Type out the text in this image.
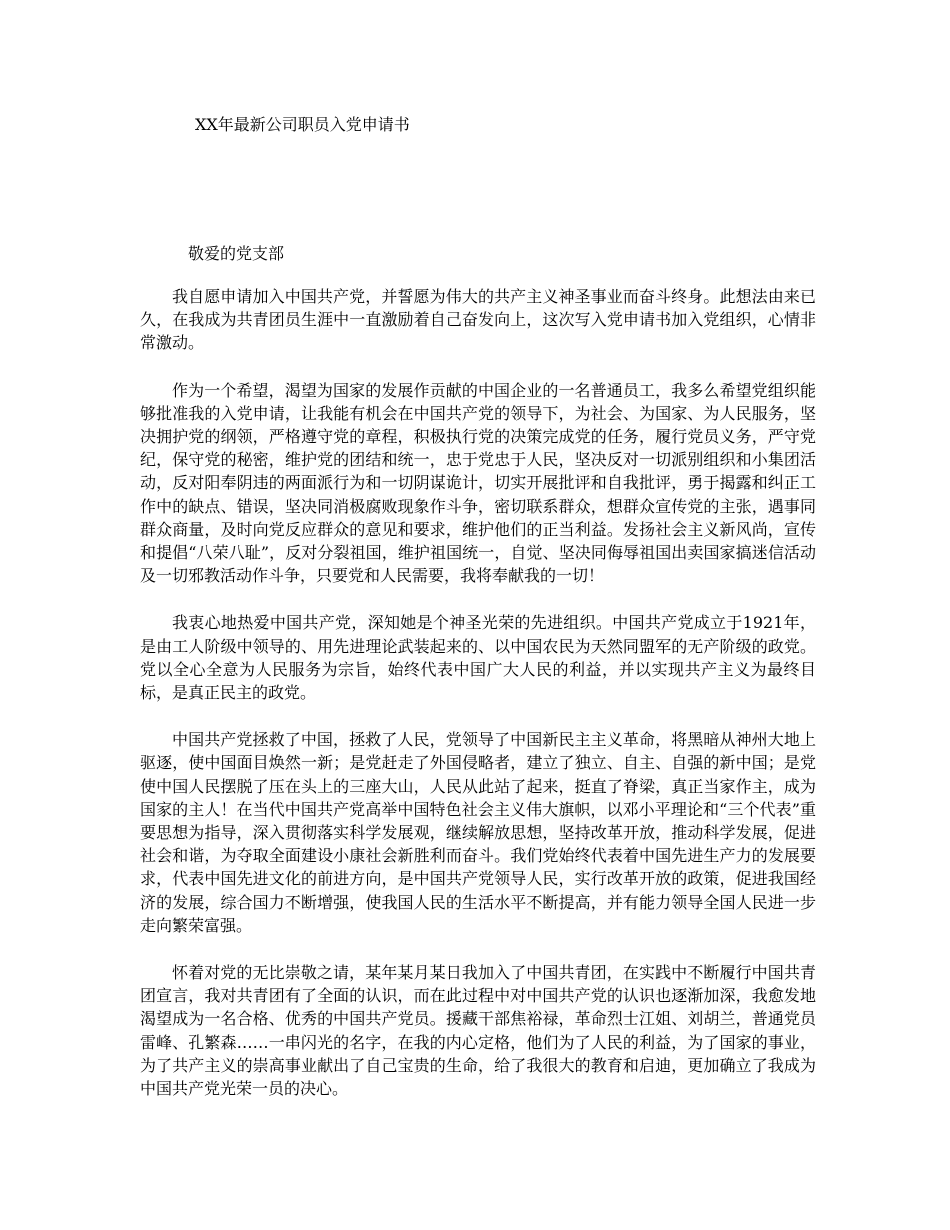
XX年最新公司职员入党申请书

敬爱的党支部

我自愿申请加入中国共产党，并誓愿为伟大的共产主义神圣事业而奋斗终身。此想法由来已久，在我成为共青团员生涯中一直激励着自己奋发向上，这次写入党申请书加入党组织，心情非常激动。

作为一个希望，渴望为国家的发展作贡献的中国企业的一名普通员工，我多么希望党组织能够批准我的入党申请，让我能有机会在中国共产党的领导下，为社会、为国家、为人民服务，坚决拥护党的纲领，严格遵守党的章程，积极执行党的决策完成党的任务，履行党员义务，严守党纪，保守党的秘密，维护党的团结和统一，忠于党忠于人民，坚决反对一切派别组织和小集团活动，反对阳奉阴违的两面派行为和一切阴谋诡计，切实开展批评和自我批评，勇于揭露和纠正工作中的缺点、错误，坚决同消极腐败现象作斗争，密切联系群众，想群众宣传党的主张，遇事同群众商量，及时向党反应群众的意见和要求，维护他们的正当利益。发扬社会主义新风尚，宣传和提倡“八荣八耻”，反对分裂祖国，维护祖国统一，自觉、坚决同侮辱祖国出卖国家搞迷信活动及一切邪教活动作斗争，只要党和人民需要，我将奉献我的一切！

我衷心地热爱中国共产党，深知她是个神圣光荣的先进组织。中国共产党成立于1921年，是由工人阶级中领导的、用先进理论武装起来的、以中国农民为天然同盟军的无产阶级的政党。党以全心全意为人民服务为宗旨，始终代表中国广大人民的利益，并以实现共产主义为最终目标，是真正民主的政党。

中国共产党拯救了中国，拯救了人民，党领导了中国新民主主义革命，将黑暗从神州大地上驱逐，使中国面目焕然一新；是党赶走了外国侵略者，建立了独立、自主、自强的新中国；是党使中国人民摆脱了压在头上的三座大山，人民从此站了起来，挺直了脊梁，真正当家作主，成为国家的主人！在当代中国共产党高举中国特色社会主义伟大旗帜，以邓小平理论和“三个代表”重要思想为指导，深入贯彻落实科学发展观，继续解放思想，坚持改革开放，推动科学发展，促进社会和谐，为夺取全面建设小康社会新胜利而奋斗。我们党始终代表着中国先进生产力的发展要求，代表中国先进文化的前进方向，是中国共产党领导人民，实行改革开放的政策，促进我国经济的发展，综合国力不断增强，使我国人民的生活水平不断提高，并有能力领导全国人民进一步走向繁荣富强。

怀着对党的无比崇敬之请，某年某月某日我加入了中国共青团，在实践中不断履行中国共青团宣言，我对共青团有了全面的认识，而在此过程中对中国共产党的认识也逐渐加深，我愈发地渴望成为一名合格、优秀的中国共产党员。援藏干部焦裕禄，革命烈士江姐、刘胡兰，普通党员雷峰、孔繁森……一串闪光的名字，在我的内心定格，他们为了人民的利益，为了国家的事业，为了共产主义的崇高事业献出了自己宝贵的生命，给了我很大的教育和启迪，更加确立了我成为中国共产党光荣一员的决心。
